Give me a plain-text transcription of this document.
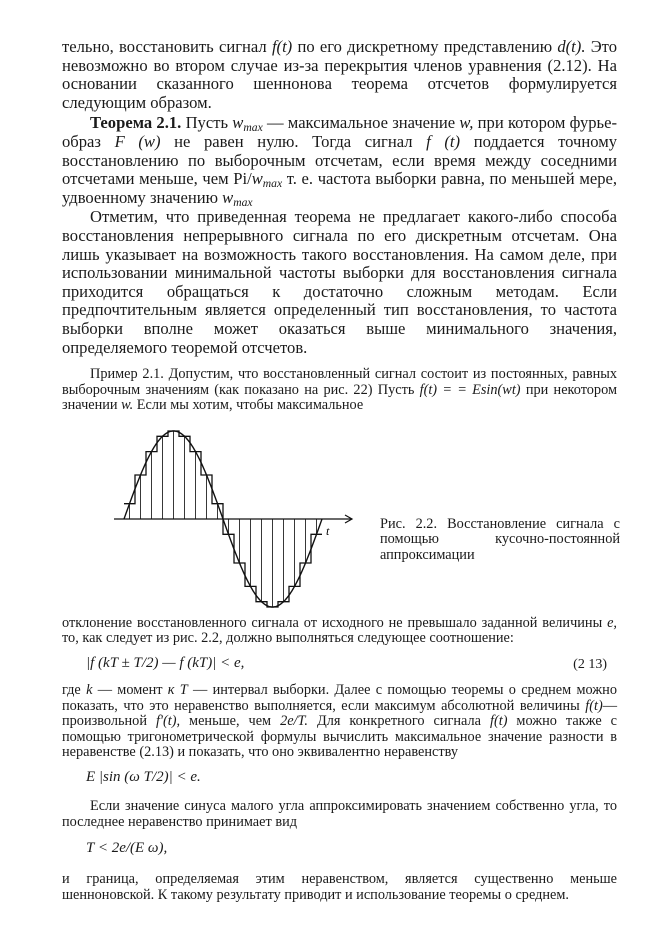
тельно, восстановить сигнал f(t) по его дискретному представлению d(t). Это невозможно во втором случае из-за перекрытия членов уравнения (2.12). На основании сказанного шенноновa теорема отсчетов формулируется следующим образом.

Теорема 2.1. Пусть $w_{max}$ — максимальное значение w, при котором фурье-образ F (w) не равен нулю. Тогда сигнал f (t) поддается точному восстановлению по выборочным отсчетам, если время между соседними отсчетами меньше, чем $Pi/w_{max}$ т. е. частота выборки равна, по меньшей мере, удвоенному значению $w_{max}$

Отметим, что приведенная теорема не предлагает какого-либо способа восстановления непрерывного сигнала по его дискретным отсчетам. Она лишь указывает на возможность такого восстановления. На самом деле, при использовании минимальной частоты выборки для восстановления сигнала приходится обращаться к достаточно сложным методам. Если предпочтительным является определенный тип восстановления, то частота выборки вполне может оказаться выше минимального значения, определяемого теоремой отсчетов.

Пример 2.1. Допустим, что восстановленный сигнал состоит из постоянных, равных выборочным значениям (как показано на рис. 22) Пусть f(t) = = Esin(wt) при некотором значении w. Если мы хотим, чтобы максимальное

t	Рис. 2.2. Восстановление сигнала с помощью кусочно-постоянной аппроксимации

отклонение восстановленного сигнала от исходного не превышало заданной величины e, то, как следует из рис. 2.2, должно выполняться следующее соотношение:

|f (kT ± T/2) — f (kT)| < e,	(2 13)

где k — момент к Т — интервал выборки. Далее с помощью теоремы о среднем можно показать, что это неравенство выполняется, если максимум абсолютной величины f(t)—произвольной f'(t), меньше, чем 2e/T. Для конкретного сигнала f(t) можно также с помощью тригонометрической формулы вычислить максимальное значение разности в неравенстве (2.13) и показать, что оно эквивалентно неравенству

E |sin (ω T/2)| < e.

Если значение синуса малого угла аппроксимировать значением собственно угла, то последнее неравенство принимает вид

T < 2e/(E ω),

и граница, определяемая этим неравенством, является существенно меньше шенноновской. К такому результату приводит и использование теоремы о среднем.
